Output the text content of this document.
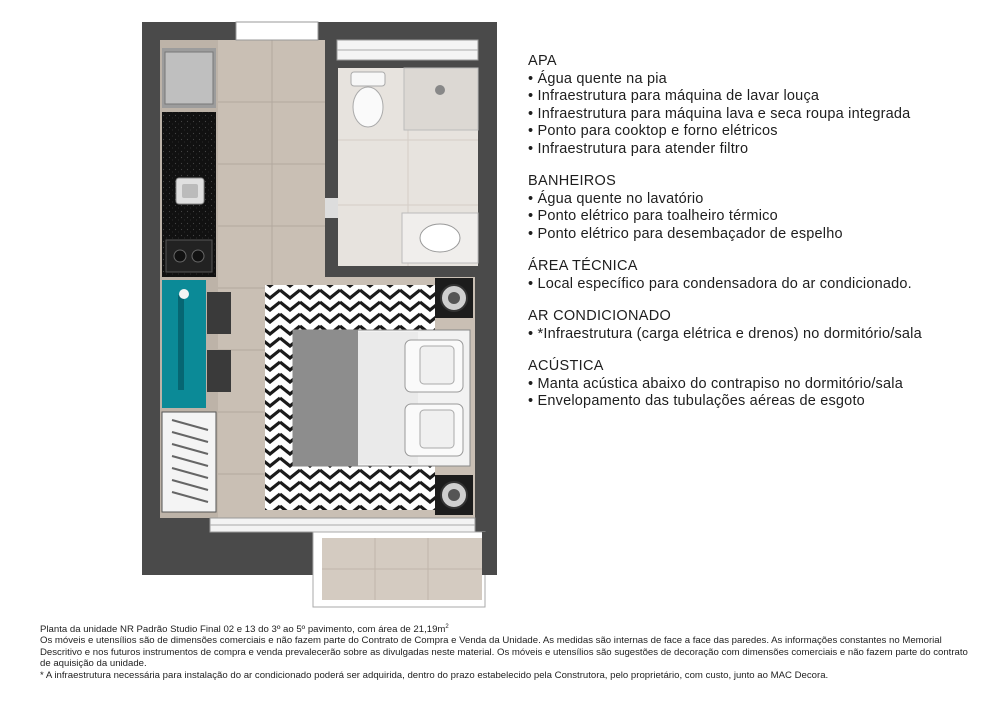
APA
• Água quente na pia
• Infraestrutura para máquina de lavar louça
• Infraestrutura para máquina lava e seca roupa integrada
• Ponto para cooktop e forno elétricos
• Infraestrutura para atender filtro
BANHEIROS
• Água quente no lavatório
• Ponto elétrico para toalheiro térmico
• Ponto elétrico para desembaçador de espelho
ÁREA TÉCNICA
• Local específico para condensadora do ar condicionado.
AR CONDICIONADO
• *Infraestrutura (carga elétrica e drenos) no dormitório/sala
ACÚSTICA
• Manta acústica abaixo do contrapiso no dormitório/sala
• Envelopamento das tubulações aéreas de esgoto

Planta da unidade NR Padrão Studio Final 02 e 13 do 3º ao 5º pavimento, com área de $21,19m^2$

Os móveis e utensílios são de dimensões comerciais e não fazem parte do Contrato de Compra e Venda da Unidade. As medidas são internas de face a face das paredes. As informações constantes no Memorial Descritivo e nos futuros instrumentos de compra e venda prevalecerão sobre as divulgadas neste material. Os móveis e utensílios são sugestões de decoração com dimensões comerciais e não fazem parte do contrato de aquisição da unidade.

* A infraestrutura necessária para instalação do ar condicionado poderá ser adquirida, dentro do prazo estabelecido pela Construtora, pelo proprietário, com custo, junto ao MAC Decora.
